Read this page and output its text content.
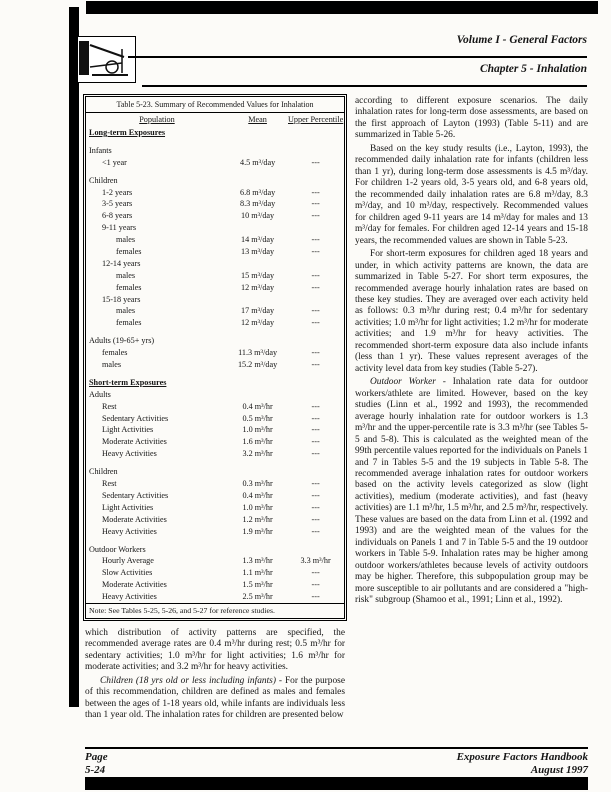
Volume I - General Factors
Chapter 5 - Inhalation
Table 5-23. Summary of Recommended Values for Inhalation
Population	Mean	Upper Percentile
Long-term Exposures		
Infants		
<1 year	4.5 m³/day	---
Children		
1-2 years	6.8 m³/day	---
3-5 years	8.3 m³/day	---
6-8 years	10 m³/day	---
9-11 years		
males	14 m³/day	---
females	13 m³/day	---
12-14 years		
males	15 m³/day	---
females	12 m³/day	---
15-18 years		
males	17 m³/day	---
females	12 m³/day	---
Adults (19-65+ yrs)		
females	11.3 m³/day	---
males	15.2 m³/day	---
Short-term Exposures		
Adults		
Rest	0.4 m³/hr	---
Sedentary Activities	0.5 m³/hr	---
Light Activities	1.0 m³/hr	---
Moderate Activities	1.6 m³/hr	---
Heavy Activities	3.2 m³/hr	---
Children		
Rest	0.3 m³/hr	---
Sedentary Activities	0.4 m³/hr	---
Light Activities	1.0 m³/hr	---
Moderate Activities	1.2 m³/hr	---
Heavy Activities	1.9 m³/hr	---
Outdoor Workers		
Hourly Average	1.3 m³/hr	3.3 m³/hr
Slow Activities	1.1 m³/hr	---
Moderate Activities	1.5 m³/hr	---
Heavy Activities	2.5 m³/hr	---
Note: See Tables 5-25, 5-26, and 5-27 for reference studies.

which distribution of activity patterns are specified, the recommended average rates are 0.4 m³/hr during rest; 0.5 m³/hr for sedentary activities; 1.0 m³/hr for light activities; 1.6 m³/hr for moderate activities; and 3.2 m³/hr for heavy activities.

Children (18 yrs old or less including infants) - For the purpose of this recommendation, children are defined as males and females between the ages of 1-18 years old, while infants are individuals less than 1 year old. The inhalation rates for children are presented below

according to different exposure scenarios. The daily inhalation rates for long-term dose assessments, are based on the first approach of Layton (1993) (Table 5-11) and are summarized in Table 5-26.

Based on the key study results (i.e., Layton, 1993), the recommended daily inhalation rate for infants (children less than 1 yr), during long-term dose assessments is 4.5 m³/day. For children 1-2 years old, 3-5 years old, and 6-8 years old, the recommended daily inhalation rates are 6.8 m³/day, 8.3 m³/day, and 10 m³/day, respectively. Recommended values for children aged 9-11 years are 14 m³/day for males and 13 m³/day for females. For children aged 12-14 years and 15-18 years, the recommended values are shown in Table 5-23.

For short-term exposures for children aged 18 years and under, in which activity patterns are known, the data are summarized in Table 5-27. For short term exposures, the recommended average hourly inhalation rates are based on these key studies. They are averaged over each activity held as follows: 0.3 m³/hr during rest; 0.4 m³/hr for sedentary activities; 1.0 m³/hr for light activities; 1.2 m³/hr for moderate activities; and 1.9 m³/hr for heavy activities. The recommended short-term exposure data also include infants (less than 1 yr). These values represent averages of the activity level data from key studies (Table 5-27).

Outdoor Worker - Inhalation rate data for outdoor workers/athlete are limited. However, based on the key studies (Linn et al., 1992 and 1993), the recommended average hourly inhalation rate for outdoor workers is 1.3 m³/hr and the upper-percentile rate is 3.3 m³/hr (see Tables 5-5 and 5-8). This is calculated as the weighted mean of the 99th percentile values reported for the individuals on Panels 1 and 7 in Tables 5-5 and the 19 subjects in Table 5-8. The recommended average inhalation rates for outdoor workers based on the activity levels categorized as slow (light activities), medium (moderate activities), and fast (heavy activities) are 1.1 m³/hr, 1.5 m³/hr, and 2.5 m³/hr, respectively. These values are based on the data from Linn et al. (1992 and 1993) and are the weighted mean of the values for the individuals on Panels 1 and 7 in Table 5-5 and the 19 outdoor workers in Table 5-9. Inhalation rates may be higher among outdoor workers/athletes because levels of activity outdoors may be higher. Therefore, this subpopulation group may be more susceptible to air pollutants and are considered a "high-risk" subgroup (Shamoo et al., 1991; Linn et al., 1992).

Page
5-24
Exposure Factors Handbook
August 1997
